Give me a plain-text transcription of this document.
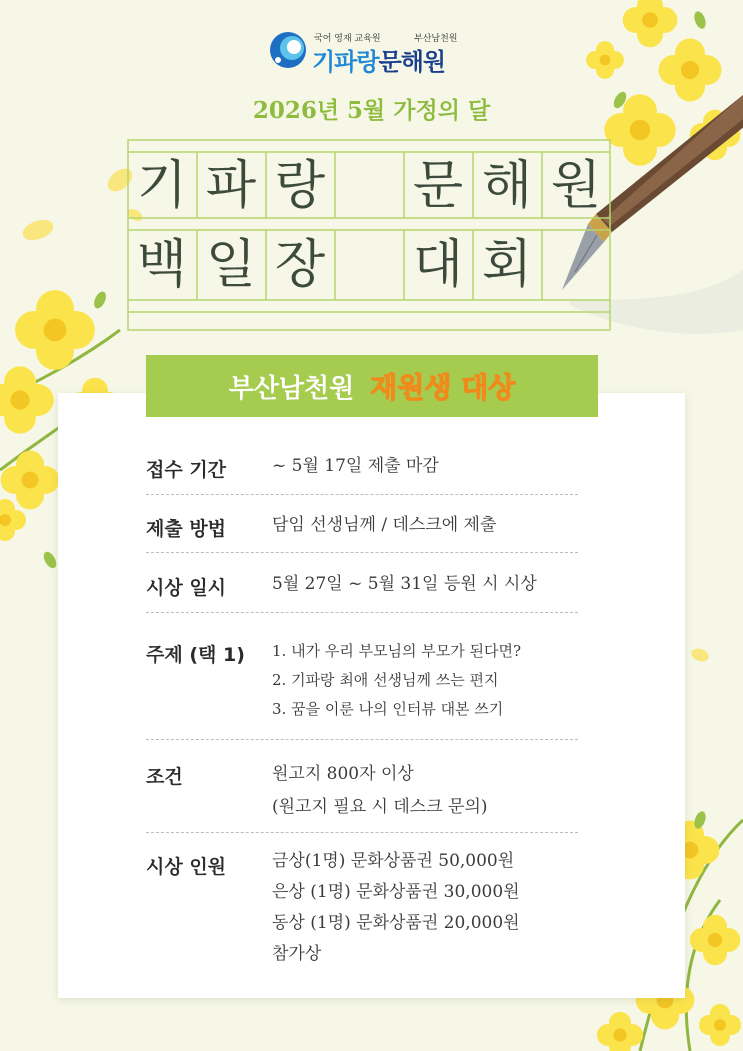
국어 영재 교육원	부산남천원
기파랑문해원
2026년 5월 가정의 달
기 파 랑 문 해 원
백 일 장 대 회
부산남천원 재원생 대상
접수 기간	~ 5월 17일 제출 마감
제출 방법	담임 선생님께 / 데스크에 제출
시상 일시	5월 27일 ~ 5월 31일 등원 시 시상
주제 (택 1) 1. 내가 우리 부모님의 부모가 된다면?
2. 기파랑 최애 선생님께 쓰는 편지
3. 꿈을 이룬 나의 인터뷰 대본 쓰기
조건	원고지 800자 이상
(원고지 필요 시 데스크 문의)
시상 인원	금상(1명) 문화상품권 50,000원
은상 (1명) 문화상품권 30,000원
동상 (1명) 문화상품권 20,000원
참가상
